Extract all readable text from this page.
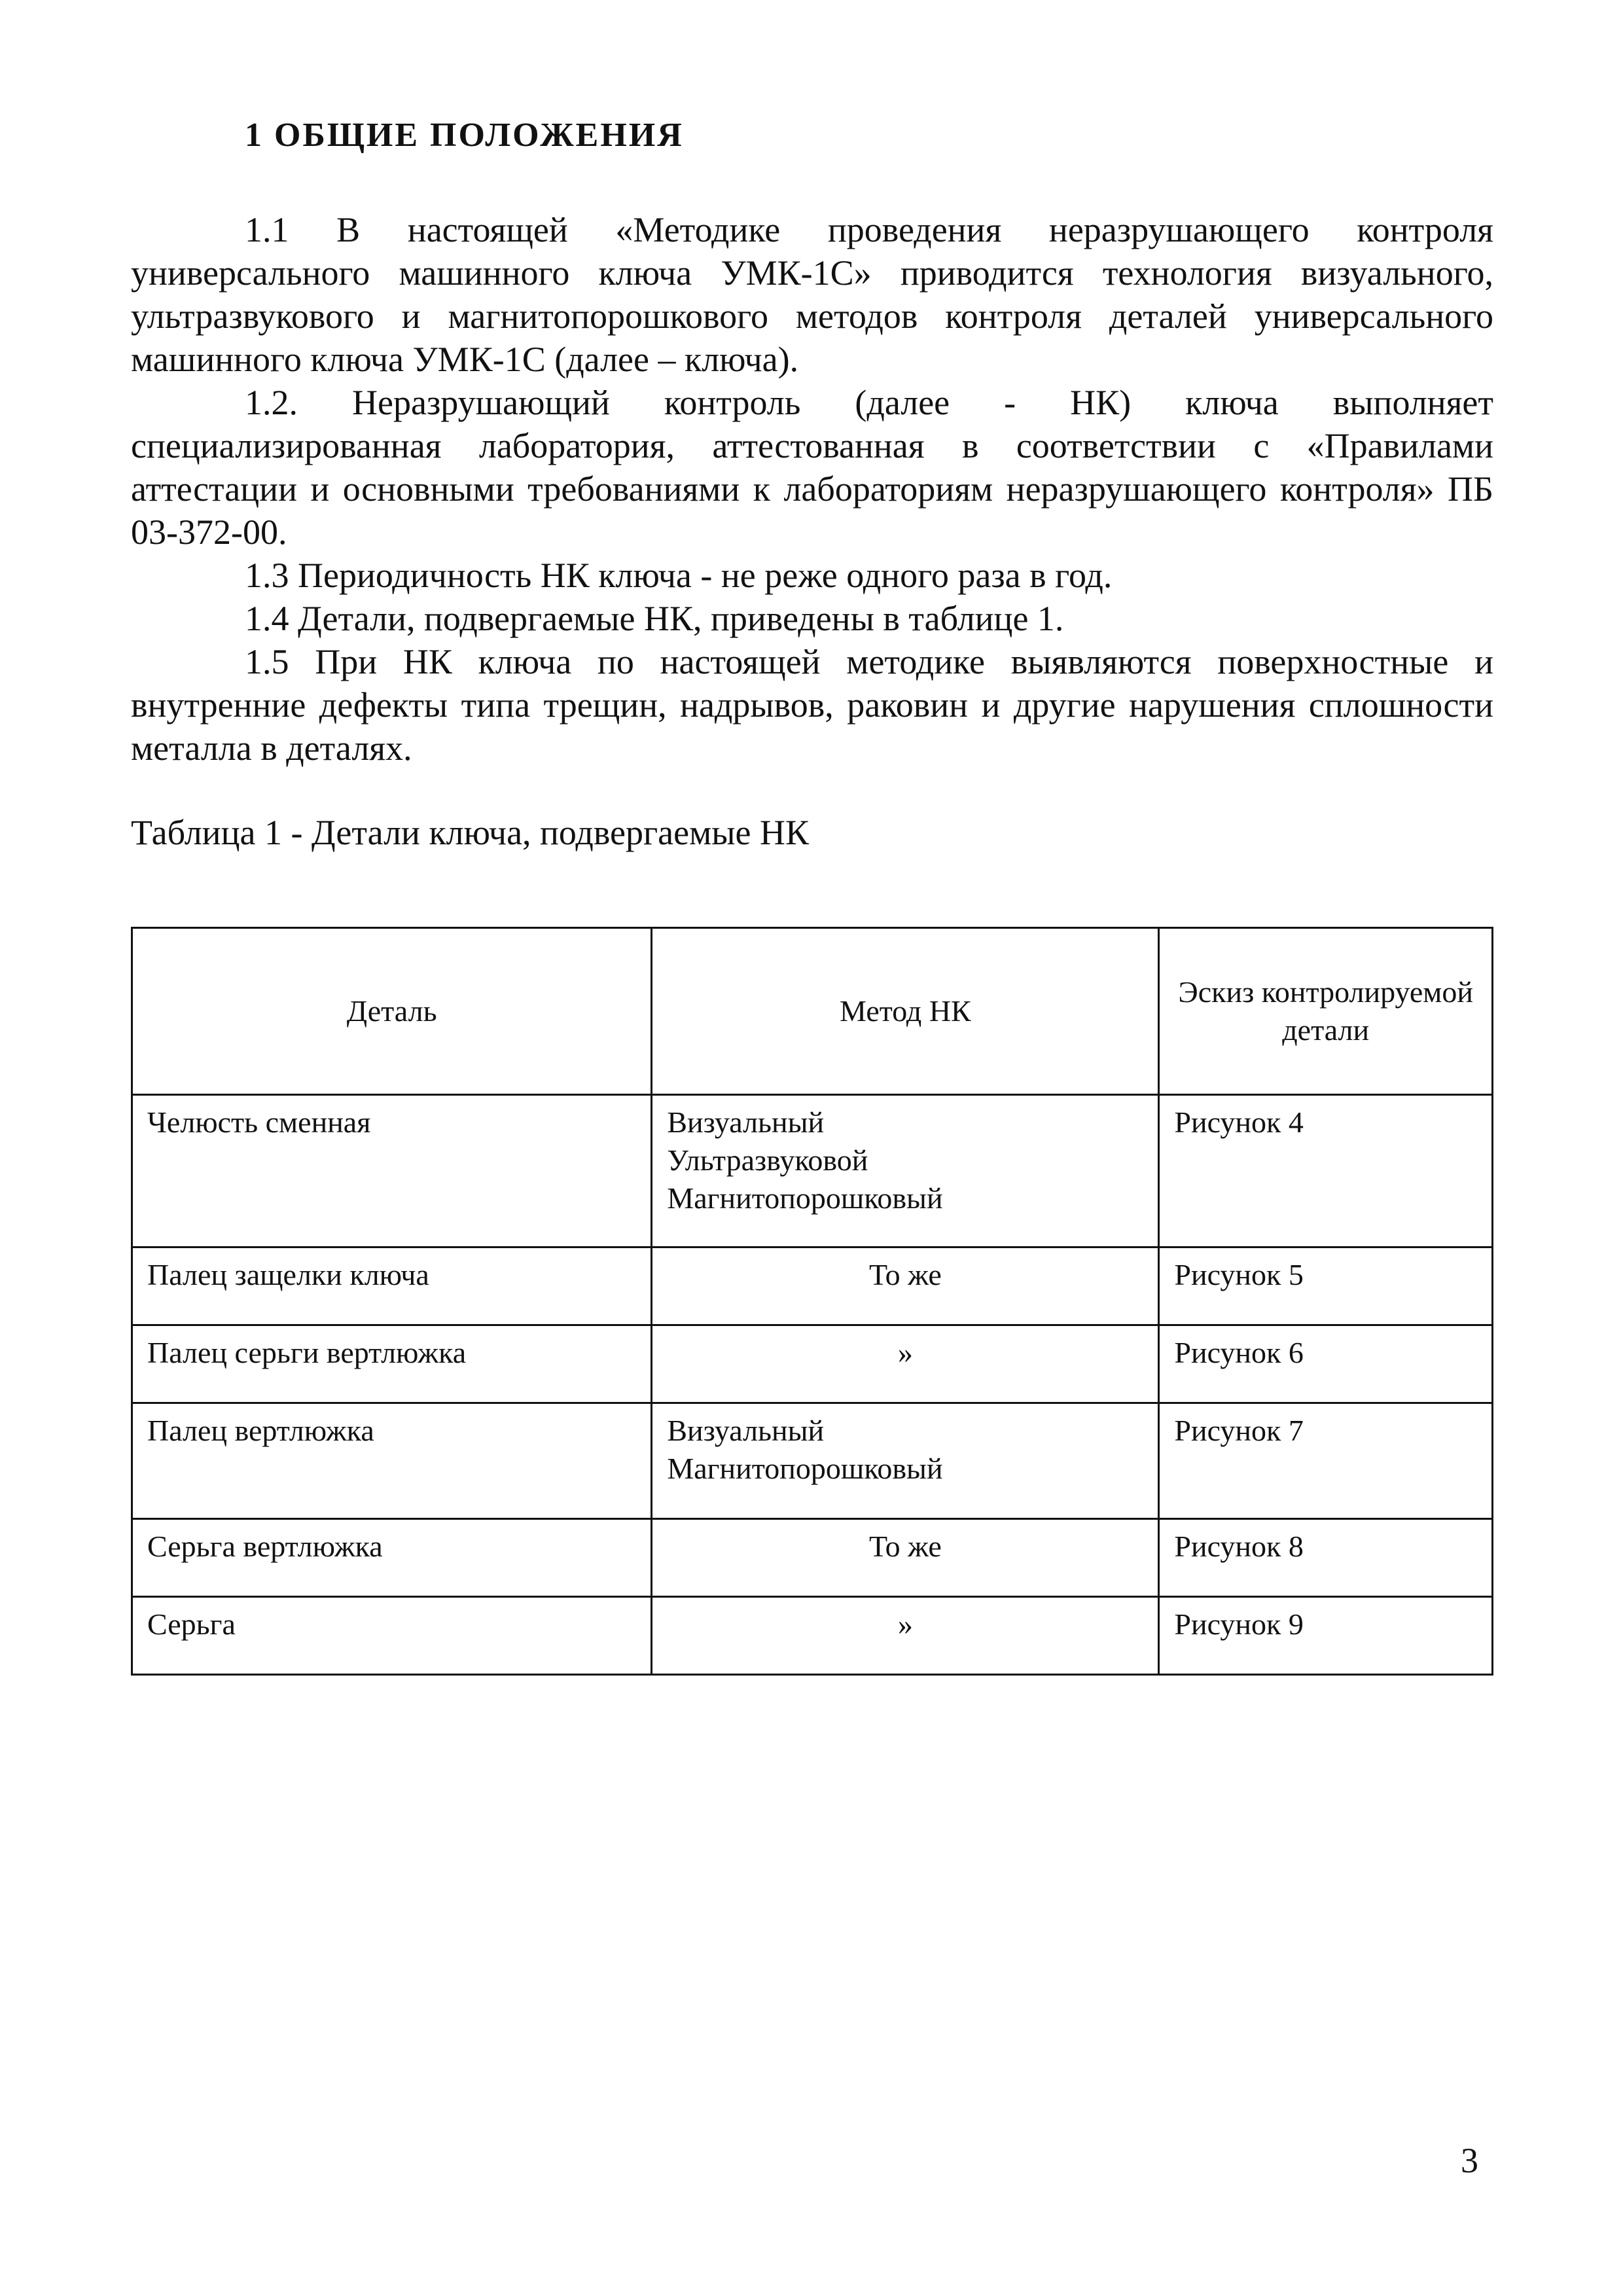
1 ОБЩИЕ ПОЛОЖЕНИЯ

1.1 В настоящей «Методике проведения неразрушающего контроля универсального машинного ключа УМК-1С» приводится технология визуального, ультразвукового и магнитопорошкового методов контроля деталей универсального машинного ключа УМК-1С (далее – ключа).

1.2. Неразрушающий контроль (далее - НК) ключа выполняет специализированная лаборатория, аттестованная в соответствии с «Правилами аттестации и основными требованиями к лабораториям неразрушающего контроля» ПБ 03-372-00.

1.3 Периодичность НК ключа - не реже одного раза в год.

1.4 Детали, подвергаемые НК, приведены в таблице 1.

1.5 При НК ключа по настоящей методике выявляются поверхностные и внутренние дефекты типа трещин, надрывов, раковин и другие нарушения сплошности металла в деталях.

Таблица 1 - Детали ключа, подвергаемые НК

Деталь	Метод НК	Эскиз контролируемой детали
Челюсть сменная	Визуальный
Ультразвуковой
Магнитопорошковый	Рисунок 4
Палец защелки ключа	То же	Рисунок 5
Палец серьги вертлюжка	»	Рисунок 6
Палец вертлюжка	Визуальный
Магнитопорошковый	Рисунок 7
Серьга вертлюжка	То же	Рисунок 8
Серьга	»	Рисунок 9

3
